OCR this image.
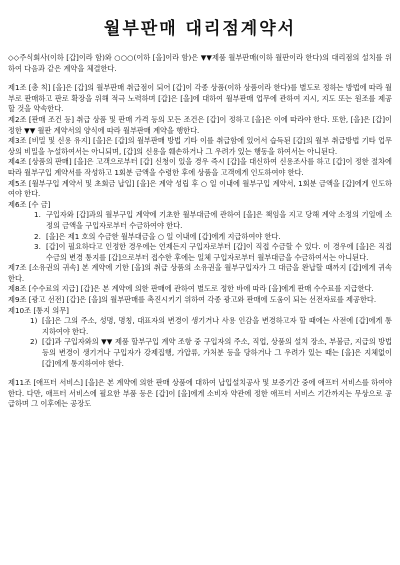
월부판매 대리점계약서

◇◇주식회사(이하 [갑]이라 함)와 ○○○(이하 [을]이라 함)은 ▼▼제품 월부판매(이하 월판이라 한다)의 대리점의 설치를 위하여 다음과 같은 계약을 체결한다.

제1조 [총 칙] [을]은 [갑]의 월부판매 취급점이 되어 [갑]이 각종 상품(이하 상품이라 한다)를 별도로 정하는 방법에 따라 월부로 판매하고 판로 확장을 위해 적극 노력하며 [갑]은 [을]에 대하여 월부판매 업무에 관하여 지시, 지도 또는 원조를 제공할 것을 약속한다.

제2조 [판매 조건 등] 취급 상품 및 판매 가격 등의 모든 조건은 [갑]이 정하고 [을]은 이에 따라야 한다. 또한, [을]은 [갑]이 정한 ▼▼ 월판 계약서의 양식에 따라 월부판매 계약을 행한다.

제3조 [비밀 및 신용 유지] [을]은 [갑]의 월부판매 방법 기타 이를 취급함에 있어서 습득된 [갑]의 월부 취급방법 기타 업무상의 비밀을 누설하여서는 아니되며, [갑]의 신용을 훼손하거나 그 우려가 있는 행동을 하여서는 아니된다.

제4조 [상품의 판매] [을]은 고객으로부터 [갑] 신청이 있을 경우 즉시 [갑]을 대신하여 신용조사를 하고 [갑]이 정한 절차에 따라 월부구입 계약서를 작성하고 1회분 금액을 수령한 후에 상품을 고객에게 인도하여야 한다.

제5조 [월부구입 계약서 및 초회금 납입] [을]은 계약 성립 후 ○ 일 이내에 월부구입 계약서, 1회분 금액을 [갑]에게 인도하여야 한다.

제6조 [수 금]

1. 구입자와 [갑]과의 월부구입 계약에 기초한 월부대금에 관하여 [을]은 책임을 지고 당해 계약 소정의 기일에 소정의 금액을 구입자로부터 수금하여야 한다.
2. [을]은 제1 호의 수금한 월부대금을 ○ 일 이내에 [갑]에게 지급하여야 한다.
3. [갑]이 필요하다고 인정한 경우에는 언제든지 구입자로부터 [갑]이 직접 수금할 수 있다. 이 경우에 [을]은 직접 수금의 변경 통지를 [갑]으로부터 접수한 후에는 일체 구입자로부터 월부대금을 수금하여서는 아니된다.

제7조 [소유권의 귀속] 본 계약에 기한 [을]의 취급 상품의 소유권을 월부구입자가 그 대금을 완납할 때까지 [갑]에게 귀속한다.

제8조 [수수료의 지급] [갑]은 본 계약에 의한 판매에 관하여 별도로 정한 바에 따라 [을]에게 판매 수수료를 지급한다.

제9조 [광고 선전] [갑]은 [을]의 월부판매를 촉진시키기 위하여 각종 광고와 판매에 도움이 되는 선전자료를 제공한다.

제10조 [통지 의무]

1) [을]은 그의 주소, 성명, 명칭, 대표자의 변경이 생기거나 사용 인감을 변경하고자 할 때에는 사전에 [갑]에게 통지하여야 한다.
2) [갑]과 구입자와의 ▼▼ 제품 할부구입 계약 조항 중 구입자의 주소, 직업, 상품의 설치 장소, 부불금, 지급의 방법 등의 변경이 생기거나 구입자가 강제집행, 가압류, 가처분 등을 당하거나 그 우려가 있는 때는 [을]은 지체없이 [갑]에게 통지하여야 한다.

제11조 [애프터 서비스] [을]은 본 계약에 의한 판매 상품에 대하여 납입설치공사 및 보증기간 중에 애프터 서비스를 하여야 한다. 다만, 애프터 서비스에 필요한 부품 등은 [갑]이 [을]에게 소비자 약관에 정한 애프터 서비스 기간까지는 무상으로 공급하며 그 이후에는 공장도
